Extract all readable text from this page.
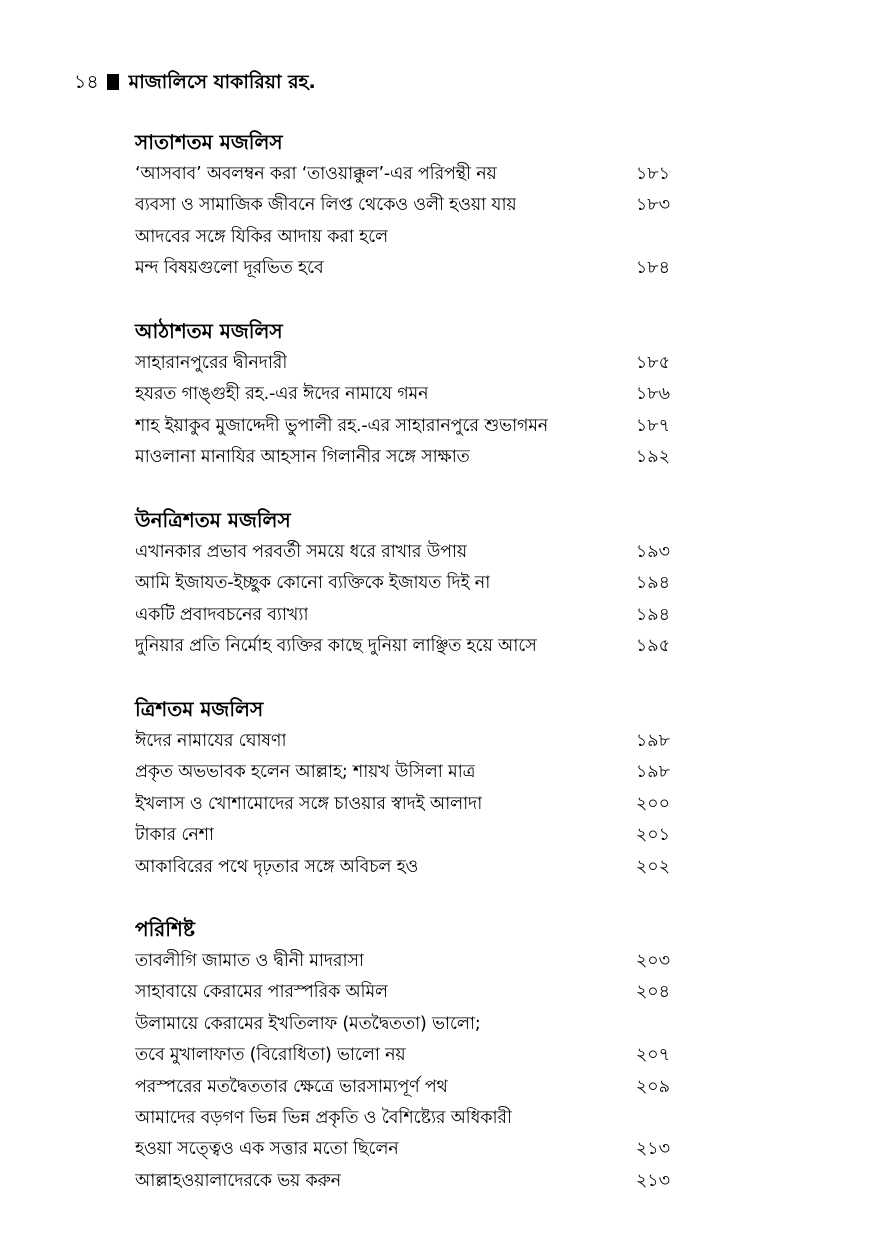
১৪ মাজালিসে যাকারিয়া রহ.
সাতাশতম মজলিস
‘আসবাব’ অবলম্বন করা ‘তাওয়াক্কুল’-এর পরিপন্থী নয়	১৮১
ব্যবসা ও সামাজিক জীবনে লিপ্ত থেকেও ওলী হওয়া যায়	১৮৩
আদবের সঙ্গে যিকির আদায় করা হলে
মন্দ বিষয়গুলো দূরভিত হবে	১৮৪
আঠাশতম মজলিস
সাহারানপুরের দ্বীনদারী	১৮৫
হযরত গাঙ্গুহী রহ.-এর ঈদের নামাযে গমন	১৮৬
শাহ ইয়াকুব মুজাদ্দেদী ভুপালী রহ.-এর সাহারানপুরে শুভাগমন	১৮৭
মাওলানা মানাযির আহসান গিলানীর সঙ্গে সাক্ষাত	১৯২
উনত্রিশতম মজলিস
এখানকার প্রভাব পরবর্তী সময়ে ধরে রাখার উপায়	১৯৩
আমি ইজাযত-ইচ্ছুক কোনো ব্যক্তিকে ইজাযত দিই না	১৯৪
একটি প্রবাদবচনের ব্যাখ্যা	১৯৪
দুনিয়ার প্রতি নির্মোহ ব্যক্তির কাছে দুনিয়া লাঞ্ছিত হয়ে আসে	১৯৫
ত্রিশতম মজলিস
ঈদের নামাযের ঘোষণা	১৯৮
প্রকৃত অভভাবক হলেন আল্লাহ; শায়খ উসিলা মাত্র	১৯৮
ইখলাস ও খোশামোদের সঙ্গে চাওয়ার স্বাদই আলাদা	২০০
টাকার নেশা	২০১
আকাবিরের পথে দৃঢ়তার সঙ্গে অবিচল হও	২০২
পরিশিষ্ট
তাবলীগি জামাত ও দ্বীনী মাদরাসা	২০৩
সাহাবায়ে কেরামের পারস্পরিক অমিল	২০৪
উলামায়ে কেরামের ইখতিলাফ (মতদ্বৈততা) ভালো;
তবে মুখালাফাত (বিরোধিতা) ভালো নয়	২০৭
পরস্পরের মতদ্বৈততার ক্ষেত্রে ভারসাম্যপূর্ণ পথ	২০৯
আমাদের বড়গণ ভিন্ন ভিন্ন প্রকৃতি ও বৈশিষ্ট্যের অধিকারী
হওয়া সত্ত্বেও এক সত্তার মতো ছিলেন	২১৩
আল্লাহওয়ালাদেরকে ভয় করুন	২১৩
